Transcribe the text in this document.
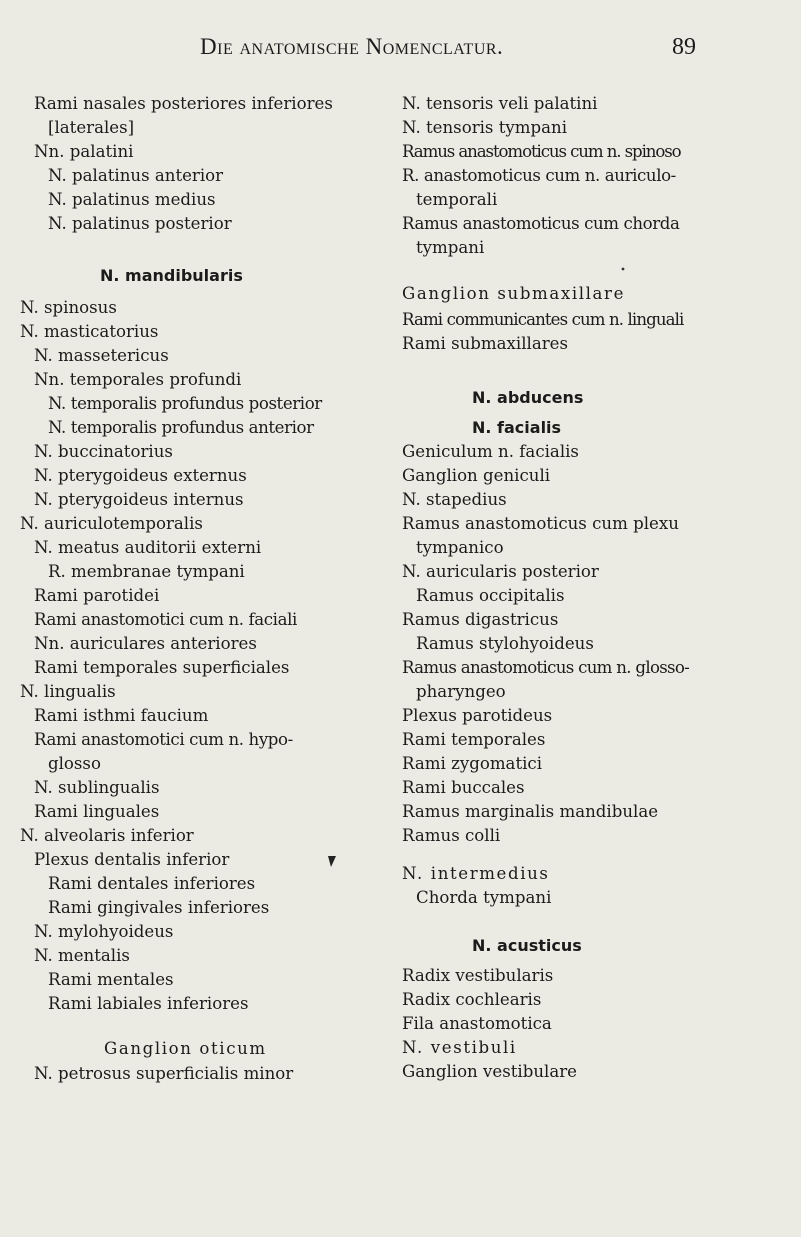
Die anatomische Nomenclatur.	89
Rami nasales posteriores inferiores
[laterales]
Nn. palatini
N. palatinus anterior
N. palatinus medius
N. palatinus posterior
N. mandibularis
N. spinosus
N. masticatorius
N. massetericus
Nn. temporales profundi
N. temporalis profundus posterior
N. temporalis profundus anterior
N. buccinatorius
N. pterygoideus externus
N. pterygoideus internus
N. auriculotemporalis
N. meatus auditorii externi
R. membranae tympani
Rami parotidei
Rami anastomotici cum n. faciali
Nn. auriculares anteriores
Rami temporales superficiales
N. lingualis
Rami isthmi faucium
Rami anastomotici cum n. hypo-
glosso
N. sublingualis
Rami linguales
N. alveolaris inferior
Plexus dentalis inferior
Rami dentales inferiores
Rami gingivales inferiores
N. mylohyoideus
N. mentalis
Rami mentales
Rami labiales inferiores
Ganglion oticum
N. petrosus superficialis minor
N. tensoris veli palatini
N. tensoris tympani
Ramus anastomoticus cum n. spinoso
R. anastomoticus cum n. auriculo-
temporali
Ramus anastomoticus cum chorda
tympani
Ganglion submaxillare
Rami communicantes cum n. linguali
Rami submaxillares
N. abducens
N. facialis
Geniculum n. facialis
Ganglion geniculi
N. stapedius
Ramus anastomoticus cum plexu
tympanico
N. auricularis posterior
Ramus occipitalis
Ramus digastricus
Ramus stylohyoideus
Ramus anastomoticus cum n. glosso-
pharyngeo
Plexus parotideus
Rami temporales
Rami zygomatici
Rami buccales
Ramus marginalis mandibulae
Ramus colli
N. intermedius
Chorda tympani
N. acusticus
Radix vestibularis
Radix cochlearis
Fila anastomotica
N. vestibuli
Ganglion vestibulare
